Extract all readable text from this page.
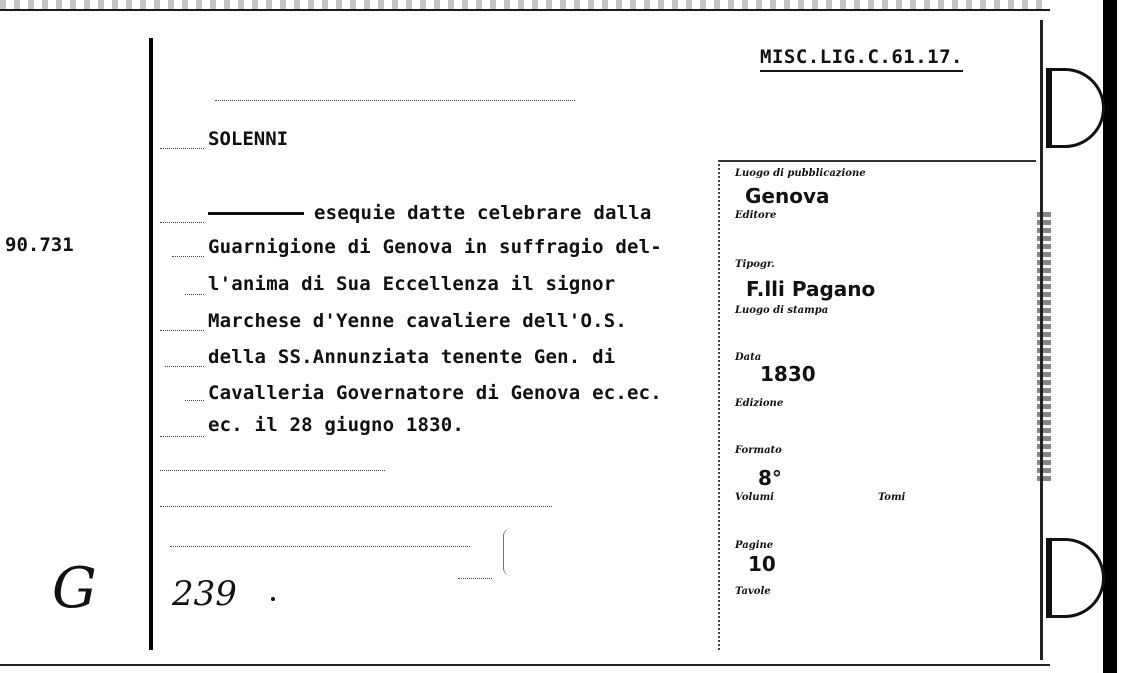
MISC.LIG.C.61.17.
90.731
SOLENNI
esequie datte celebrare dalla
Guarnigione di Genova in suffragio del-
l'anima di Sua Eccellenza il signor
Marchese d'Yenne cavaliere dell'O.S.
della SS.Annunziata tenente Gen. di
Cavalleria Governatore di Genova ec.ec.
ec. il 28 giugno 1830.
G 239
Luogo di pubblicazione
Genova
Editore
Tipogr.
F.lli Pagano
Luogo di stampa
Data
1830
Edizione
Formato
8°
Volumi	Tomi
Pagine
10
Tavole
